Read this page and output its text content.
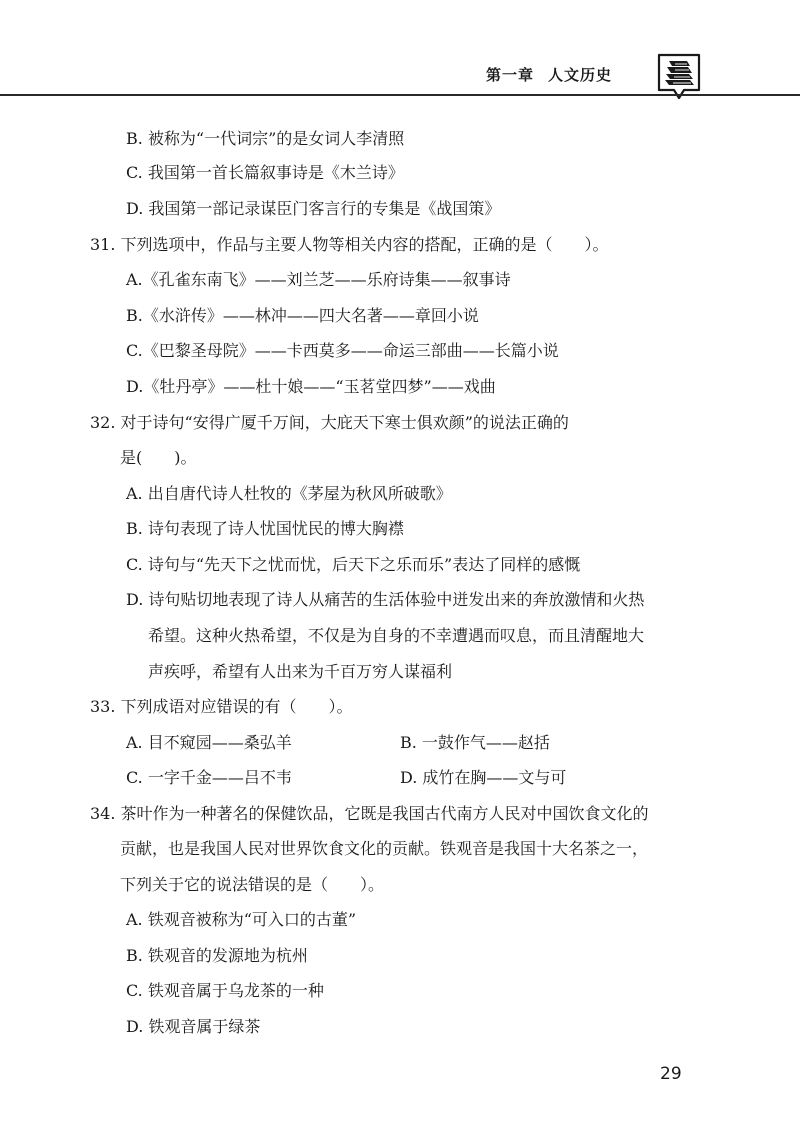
第一章 人文历史
B. 被称为“一代词宗”的是女词人李清照
C. 我国第一首长篇叙事诗是《木兰诗》
D. 我国第一部记录谋臣门客言行的专集是《战国策》
31. 下列选项中，作品与主要人物等相关内容的搭配，正确的是（　　）。
A.《孔雀东南飞》——刘兰芝——乐府诗集——叙事诗
B.《水浒传》——林冲——四大名著——章回小说
C.《巴黎圣母院》——卡西莫多——命运三部曲——长篇小说
D.《牡丹亭》——杜十娘——“玉茗堂四梦”——戏曲
32. 对于诗句“安得广厦千万间，大庇天下寒士俱欢颜”的说法正确的
是(　　)。
A. 出自唐代诗人杜牧的《茅屋为秋风所破歌》
B. 诗句表现了诗人忧国忧民的博大胸襟
C. 诗句与“先天下之忧而忧，后天下之乐而乐”表达了同样的感慨
D. 诗句贴切地表现了诗人从痛苦的生活体验中迸发出来的奔放激情和火热
希望。这种火热希望，不仅是为自身的不幸遭遇而叹息，而且清醒地大
声疾呼，希望有人出来为千百万穷人谋福利
33. 下列成语对应错误的有（　　）。
A. 目不窥园——桑弘羊	B. 一鼓作气——赵括
C. 一字千金——吕不韦	D. 成竹在胸——文与可
34. 茶叶作为一种著名的保健饮品，它既是我国古代南方人民对中国饮食文化的
贡献，也是我国人民对世界饮食文化的贡献。铁观音是我国十大名茶之一，
下列关于它的说法错误的是（　　）。
A. 铁观音被称为“可入口的古董”
B. 铁观音的发源地为杭州
C. 铁观音属于乌龙茶的一种
D. 铁观音属于绿茶
29
